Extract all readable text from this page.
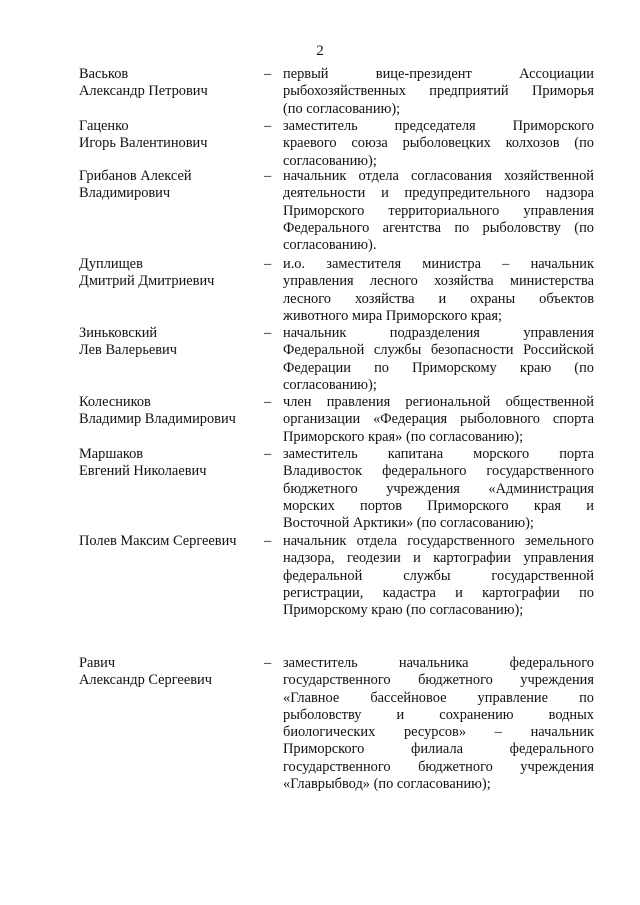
2
Васьков
Александр Петрович
– первый вице-президент Ассоциации
рыбохозяйственных предприятий Приморья
(по согласованию);
Гаценко
Игорь Валентинович
– заместитель председателя Приморского
краевого союза рыболовецких колхозов (по
согласованию);
Грибанов Алексей
Владимирович
– начальник отдела согласования хозяйственной
деятельности и предупредительного надзора
Приморского территориального управления
Федерального агентства по рыболовству (по
согласованию).
Дуплищев
Дмитрий Дмитриевич
– и.о. заместителя министра – начальник
управления лесного хозяйства министерства
лесного хозяйства и охраны объектов
животного мира Приморского края;
Зиньковский
Лев Валерьевич
– начальник подразделения управления
Федеральной службы безопасности Российской
Федерации по Приморскому краю (по
согласованию);
Колесников
Владимир Владимирович
– член правления региональной общественной
организации «Федерация рыболовного спорта
Приморского края» (по согласованию);
Маршаков
Евгений Николаевич
– заместитель капитана морского порта
Владивосток федерального государственного
бюджетного учреждения «Администрация
морских портов Приморского края и
Восточной Арктики» (по согласованию);
Полев Максим Сергеевич	– начальник отдела государственного земельного
надзора, геодезии и картографии управления
федеральной службы государственной
регистрации, кадастра и картографии по
Приморскому краю (по согласованию);
Равич
Александр Сергеевич
– заместитель начальника федерального
государственного бюджетного учреждения
«Главное бассейновое управление по
рыболовству и сохранению водных
биологических ресурсов» – начальник
Приморского филиала федерального
государственного бюджетного учреждения
«Главрыбвод» (по согласованию);
